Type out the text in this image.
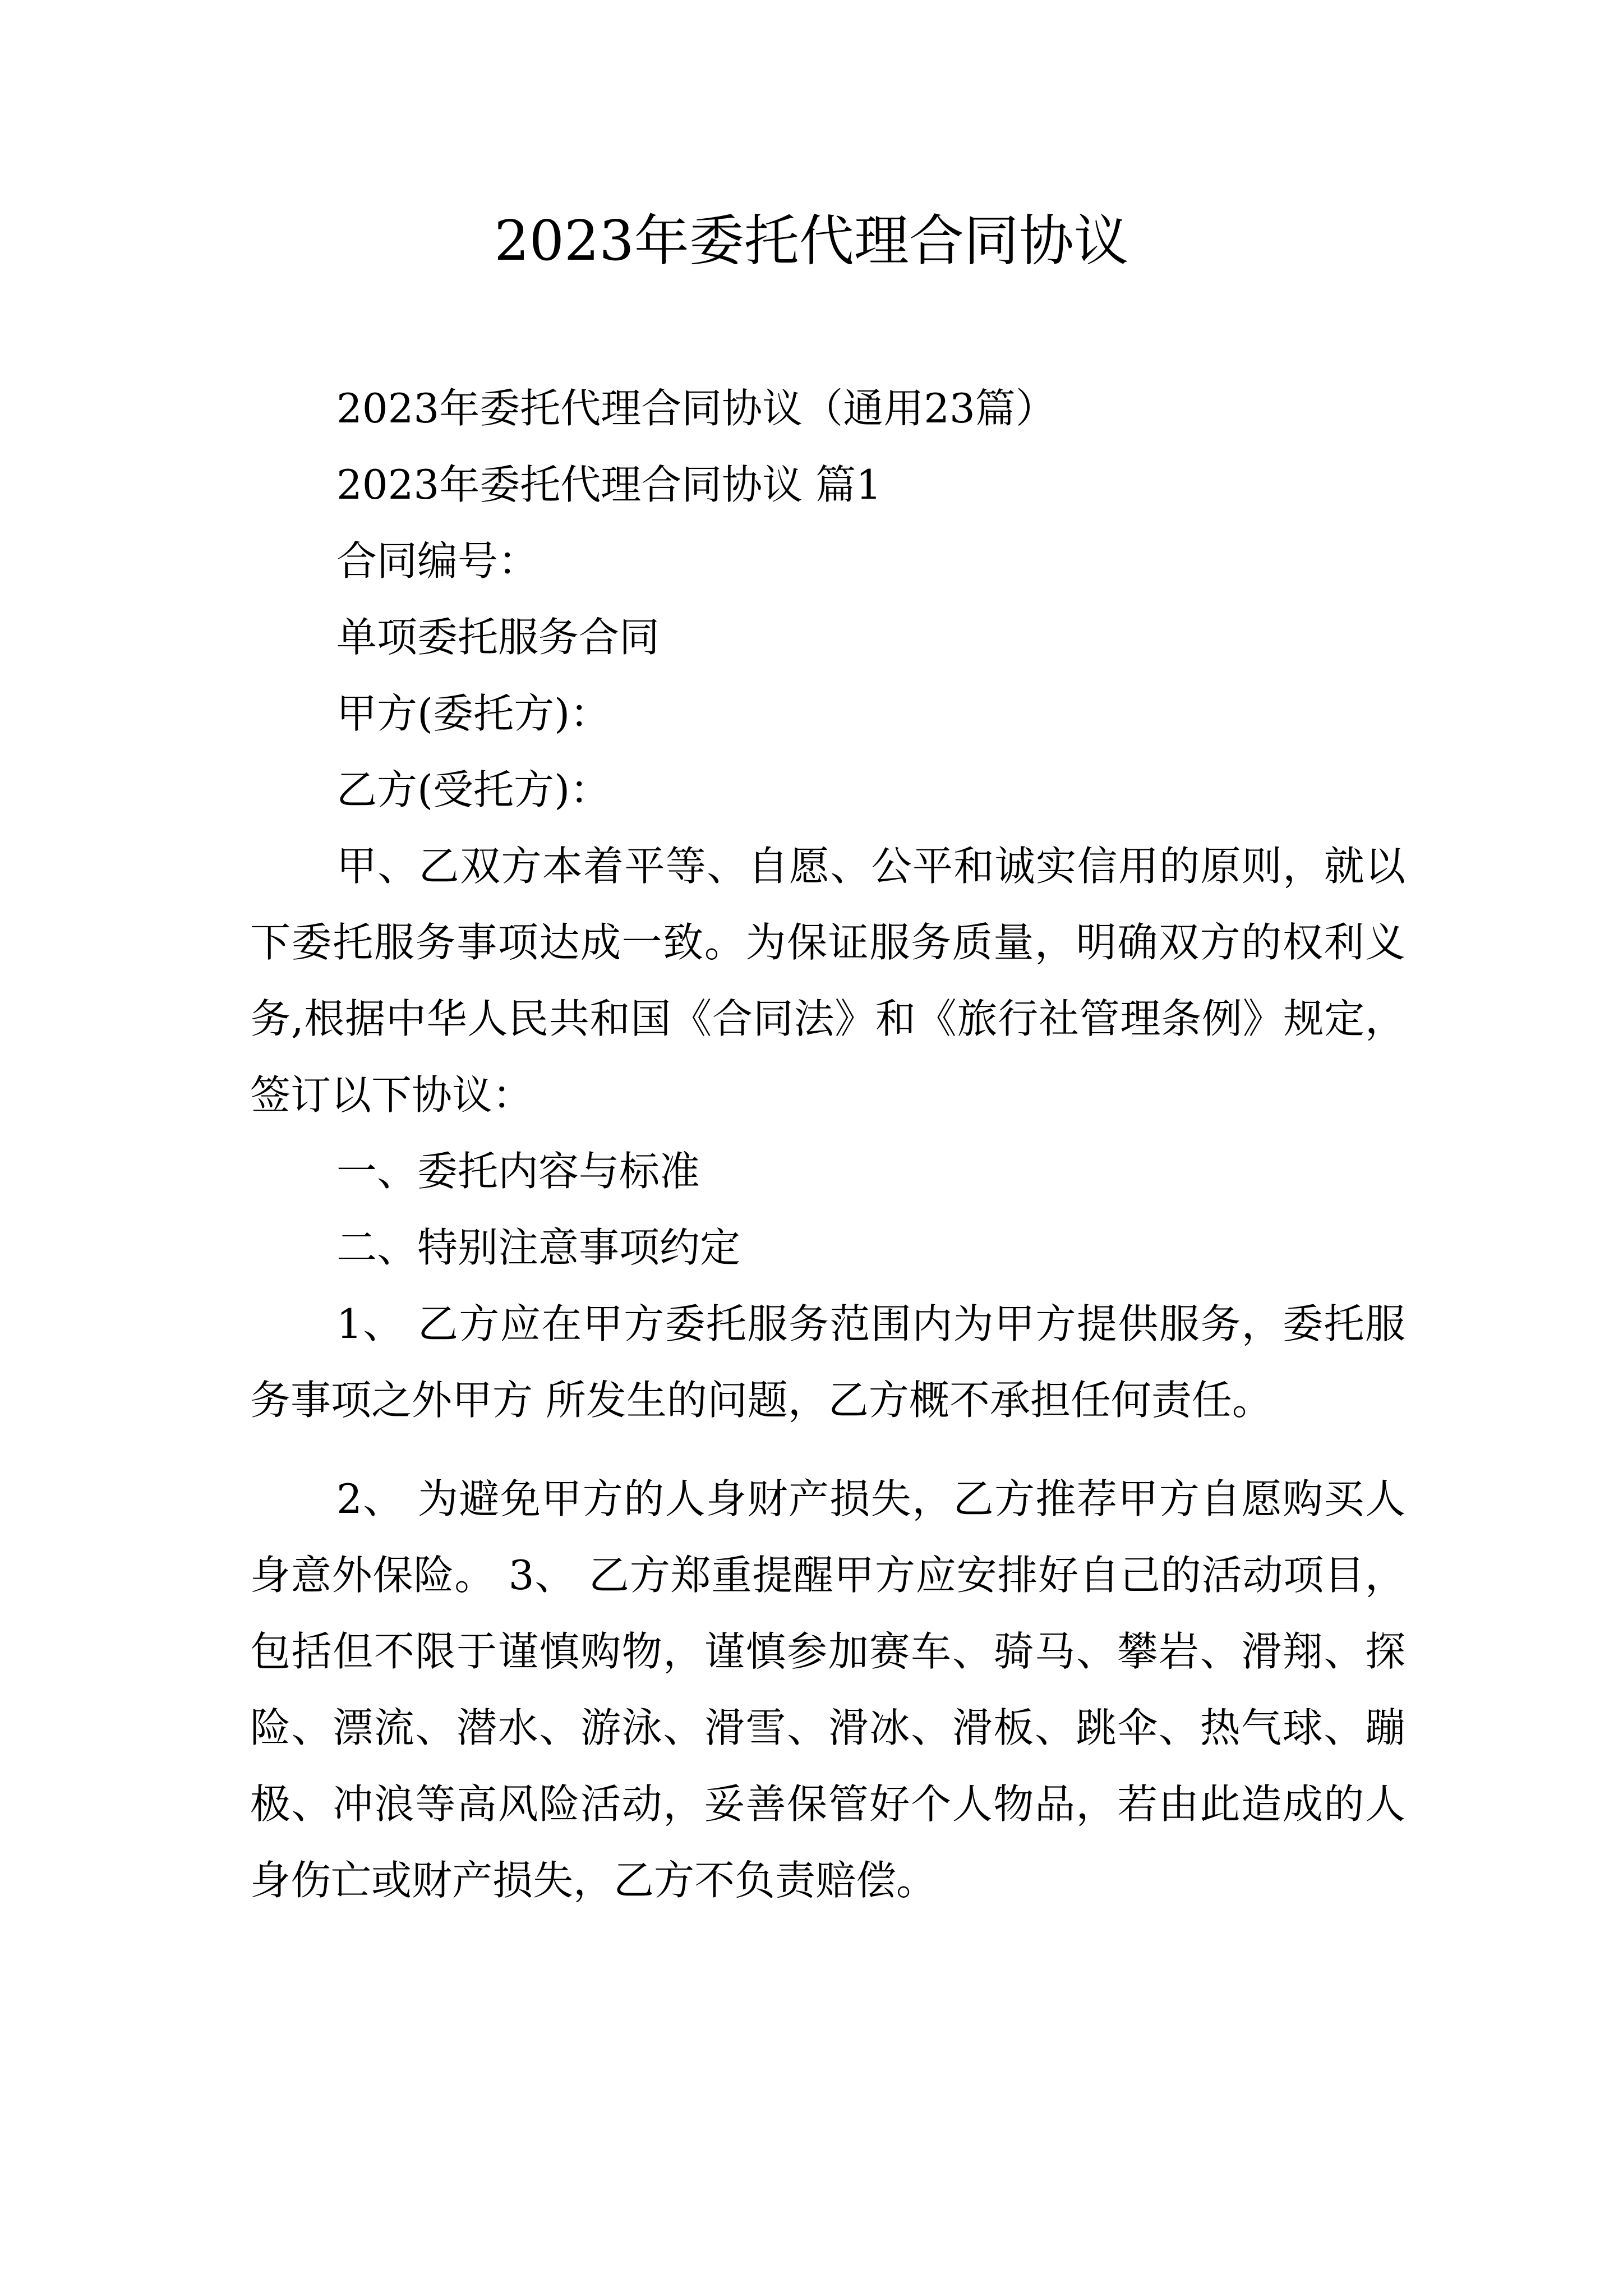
2023年委托代理合同协议

2023年委托代理合同协议（通用23篇）

2023年委托代理合同协议 篇1

合同编号：

单项委托服务合同

甲方(委托方)：

乙方(受托方)：

甲、乙双方本着平等、自愿、公平和诚实信用的原则，就以下委托服务事项达成一致。为保证服务质量，明确双方的权利义务,根据中华人民共和国《合同法》和《旅行社管理条例》规定，签订以下协议：

一、委托内容与标准

二、特别注意事项约定

1、 乙方应在甲方委托服务范围内为甲方提供服务，委托服务事项之外甲方 所发生的问题，乙方概不承担任何责任。

2、 为避免甲方的人身财产损失，乙方推荐甲方自愿购买人身意外保险。 3、 乙方郑重提醒甲方应安排好自己的活动项目，包括但不限于谨慎购物，谨慎参加赛车、骑马、攀岩、滑翔、探险、漂流、潜水、游泳、滑雪、滑冰、滑板、跳伞、热气球、蹦极、冲浪等高风险活动，妥善保管好个人物品，若由此造成的人身伤亡或财产损失，乙方不负责赔偿。
